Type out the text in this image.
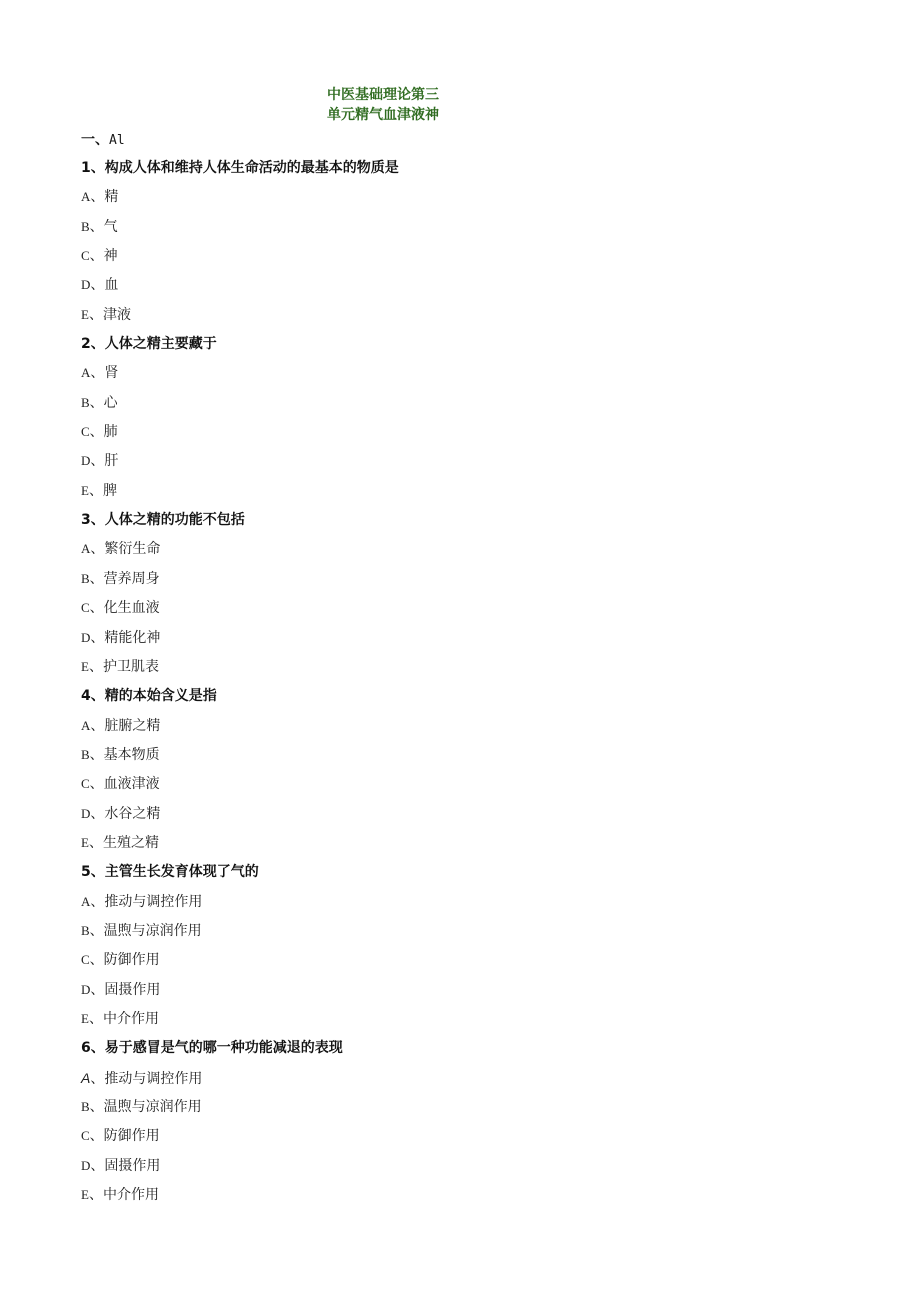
中医基础理论第三
单元精气血津液神
一、Al
1、构成人体和维持人体生命活动的最基本的物质是
A、精
B、气
C、神
D、血
E、津液
2、人体之精主要藏于
A、肾
B、心
C、肺
D、肝
E、脾
3、人体之精的功能不包括
A、繁衍生命
B、营养周身
C、化生血液
D、精能化神
E、护卫肌表
4、精的本始含义是指
A、脏腑之精
B、基本物质
C、血液津液
D、水谷之精
E、生殖之精
5、主管生长发育体现了气的
A、推动与调控作用
B、温煦与凉润作用
C、防御作用
D、固摄作用
E、中介作用
6、易于感冒是气的哪一种功能减退的表现
A、推动与调控作用
B、温煦与凉润作用
C、防御作用
D、固摄作用
E、中介作用
